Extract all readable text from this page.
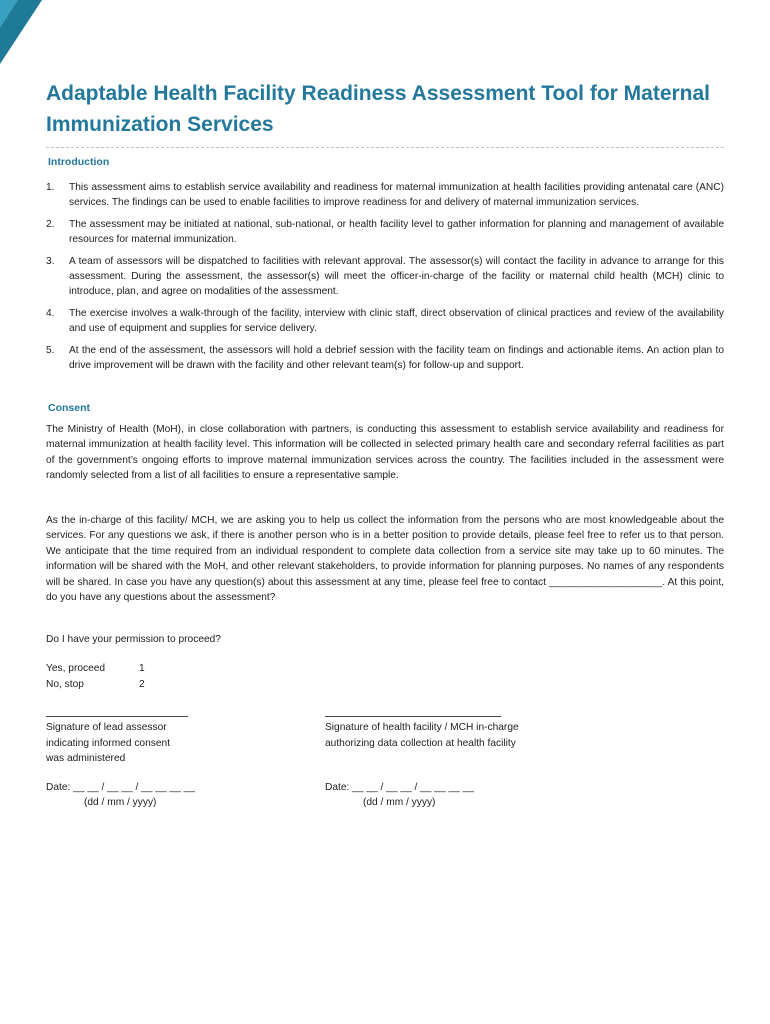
Adaptable Health Facility Readiness Assessment Tool for Maternal Immunization Services
Introduction
1. This assessment aims to establish service availability and readiness for maternal immunization at health facilities providing antenatal care (ANC) services. The findings can be used to enable facilities to improve readiness for and delivery of maternal immunization services.
2. The assessment may be initiated at national, sub-national, or health facility level to gather information for planning and management of available resources for maternal immunization.
3. A team of assessors will be dispatched to facilities with relevant approval. The assessor(s) will contact the facility in advance to arrange for this assessment. During the assessment, the assessor(s) will meet the officer-in-charge of the facility or maternal child health (MCH) clinic to introduce, plan, and agree on modalities of the assessment.
4. The exercise involves a walk-through of the facility, interview with clinic staff, direct observation of clinical practices and review of the availability and use of equipment and supplies for service delivery.
5. At the end of the assessment, the assessors will hold a debrief session with the facility team on findings and actionable items. An action plan to drive improvement will be drawn with the facility and other relevant team(s) for follow-up and support.
Consent

The Ministry of Health (MoH), in close collaboration with partners, is conducting this assessment to establish service availability and readiness for maternal immunization at health facility level. This information will be collected in selected primary health care and secondary referral facilities as part of the government’s ongoing efforts to improve maternal immunization services across the country. The facilities included in the assessment were randomly selected from a list of all facilities to ensure a representative sample.

As the in-charge of this facility/ MCH, we are asking you to help us collect the information from the persons who are most knowledgeable about the services. For any questions we ask, if there is another person who is in a better position to provide details, please feel free to refer us to that person. We anticipate that the time required from an individual respondent to complete data collection from a service site may take up to 60 minutes. The information will be shared with the MoH, and other relevant stakeholders, to provide information for planning purposes. No names of any respondents will be shared. In case you have any question(s) about this assessment at any time, please feel free to contact ____________________. At this point, do you have any questions about the assessment?

Do I have your permission to proceed?

Yes, proceed	1
No, stop	2
Signature of lead assessor
indicating informed consent
was administered
Signature of health facility / MCH in-charge
authorizing data collection at health facility
Date: __ __ / __ __ / __ __ __ __
(dd / mm / yyyy)
Date: __ __ / __ __ / __ __ __ __
(dd / mm / yyyy)
